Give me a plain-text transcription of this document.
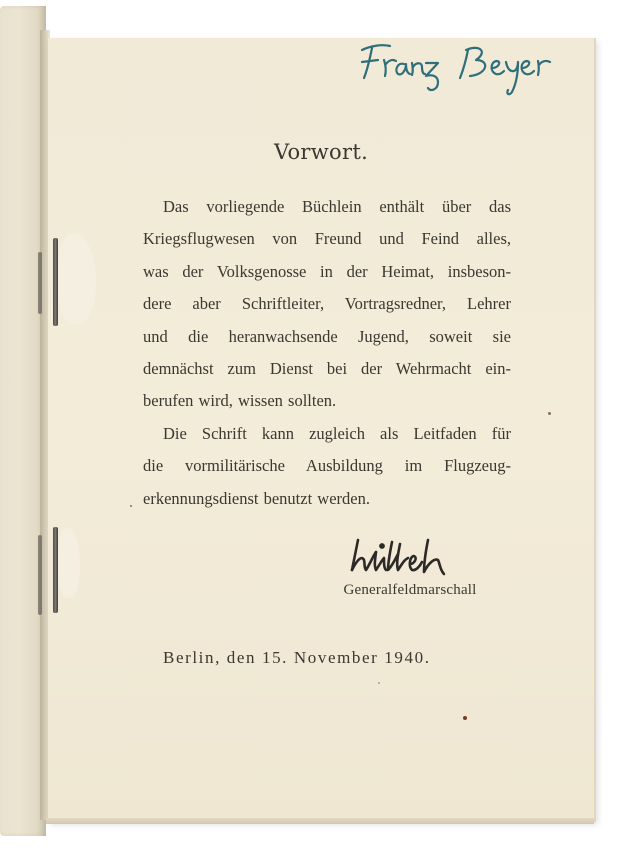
Vorwort.
Das vorliegende Büchlein enthält über das
Kriegsflugwesen von Freund und Feind alles,
was der Volksgenosse in der Heimat, insbeson-
dere aber Schriftleiter, Vortragsredner, Lehrer
und die heranwachsende Jugend, soweit sie
demnächst zum Dienst bei der Wehrmacht ein-
berufen wird, wissen sollten.
Die Schrift kann zugleich als Leitfaden für
die vormilitärische Ausbildung im Flugzeug-
erkennungsdienst benutzt werden.
Generalfeldmarschall
Berlin, den 15. November 1940.
